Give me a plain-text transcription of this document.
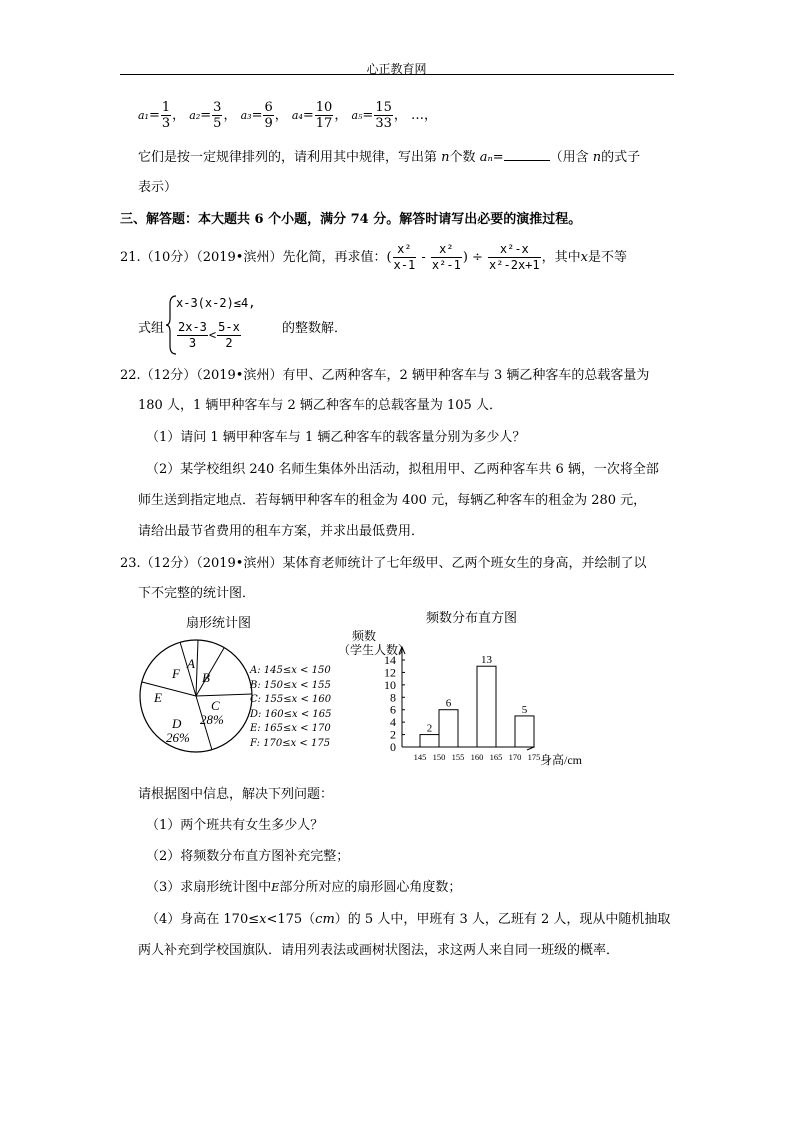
心正教育网
$a_1= \frac{1}{3}$ ， $a_2= \frac{3}{5}$ ， $a_3= \frac{6}{9}$ ， $a_4= \frac{10}{17}$ ， $a_5= \frac{15}{33}$ ， …，
它们是按一定规律排列的，请利用其中规律，写出第 n个数 aₙ=	（用含 n的式子
表示）
三、解答题：本大题共 6 个小题，满分 74 分。解答时请写出必要的演推过程。
21.（10分）（2019•滨州）先化简，再求值：( $\frac{\text{x²}}{x-1} - \frac{\text{x²}}{\text{x²-1}}$ ) ÷ $\frac{\text{x²-x}}{\text{x²-2x+1}}$ ，其中x是不等
式组
x-3(x-2)≤4,
$\frac{2x-3}{3} < \frac{5-x}{2}$	的整数解．
22.（12分）（2019•滨州）有甲、乙两种客车，2 辆甲种客车与 3 辆乙种客车的总载客量为
180 人，1 辆甲种客车与 2 辆乙种客车的总载客量为 105 人．
（1）请问 1 辆甲种客车与 1 辆乙种客车的载客量分别为多少人？
（2）某学校组织 240 名师生集体外出活动，拟租用甲、乙两种客车共 6 辆，一次将全部
师生送到指定地点．若每辆甲种客车的租金为 400 元，每辆乙种客车的租金为 280 元，
请给出最节省费用的租车方案，并求出最低费用．
23.（12分）（2019•滨州）某体育老师统计了七年级甲、乙两个班女生的身高，并绘制了以
下不完整的统计图．
扇形统计图
A
B
C
28%
D
26%
E
F	A: 145≤x < 150
B: 150≤x < 155
C: 155≤x < 160
D: 160≤x < 165
E: 165≤x < 170
F: 170≤x < 175
频数分布直方图
频数
（学生人数）
身高/cm
0
2
4
6
8
10
12
14
145 150 155 160 165 170 175
2
6
13
5
请根据图中信息，解决下列问题：
（1）两个班共有女生多少人？
（2）将频数分布直方图补充完整；
（3）求扇形统计图中E部分所对应的扇形圆心角度数；
（4）身高在 170≤x<175（cm）的 5 人中，甲班有 3 人，乙班有 2 人，现从中随机抽取
两人补充到学校国旗队．请用列表法或画树状图法，求这两人来自同一班级的概率．
